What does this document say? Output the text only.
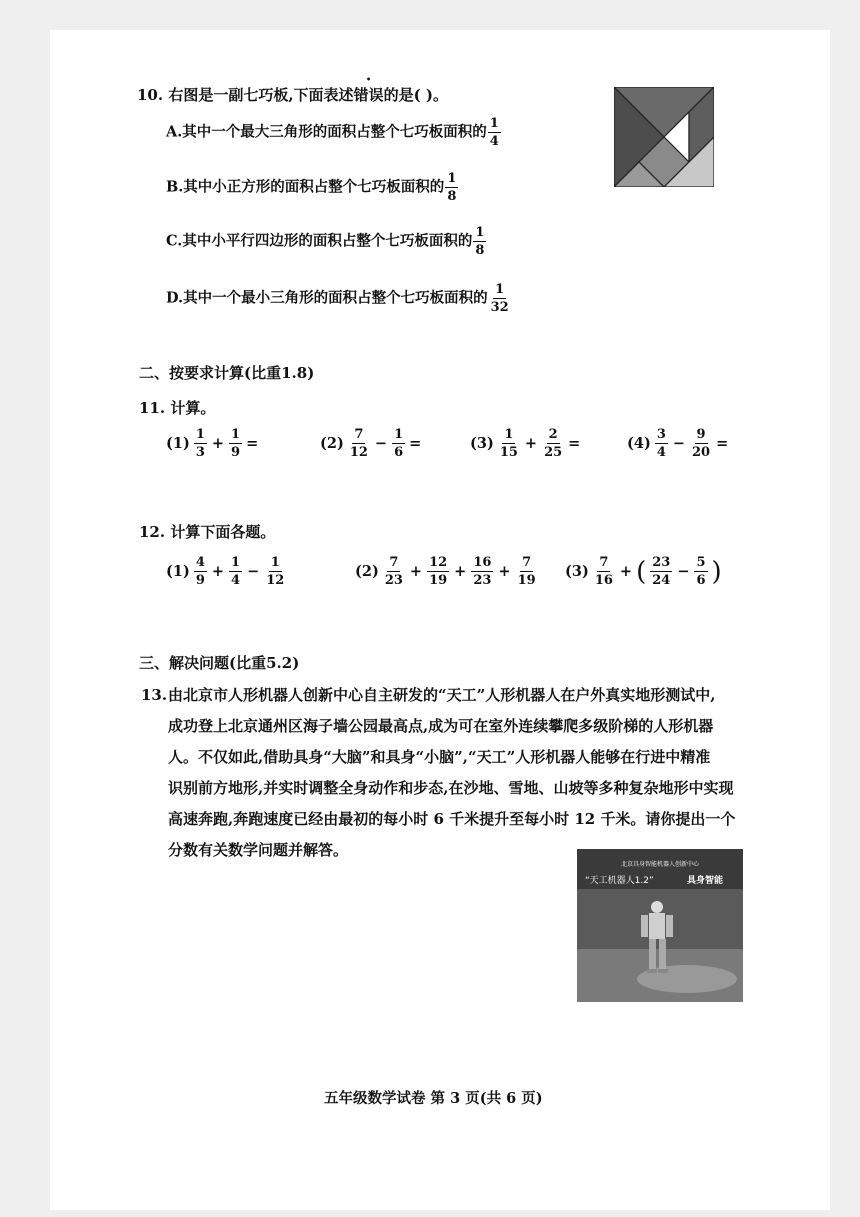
10. 右图是一副七巧板,下面表述错误的是( )。
A.其中一个最大三角形的面积占整个七巧板面积的 $\frac{1}{4}$
B.其中小正方形的面积占整个七巧板面积的 $\frac{1}{8}$
C.其中小平行四边形的面积占整个七巧板面积的 $\frac{1}{8}$
D.其中一个最小三角形的面积占整个七巧板面积的 $\frac{1}{32}$
二、按要求计算(比重1.8)
11. 计算。
$(1) \frac{1}{3} + \frac{1}{9}$ =	$(2) \frac{7}{12} - \frac{1}{6}$ =	$(3) \frac{1}{15} + \frac{2}{25}$ =	$(4) \frac{3}{4} - \frac{9}{20}$ =
12. 计算下面各题。
$(1) \frac{4}{9} + \frac{1}{4} - \frac{1}{12}$	$(2) \frac{7}{23} + \frac{12}{19} + \frac{16}{23} + \frac{7}{19} (3) \frac{7}{16}$ + ( $\frac{23}{24} - \frac{5}{6}$ )
三、解决问题(比重5.2)
13. 由北京市人形机器人创新中心自主研发的“天工”人形机器人在户外真实地形测试中,
成功登上北京通州区海子墙公园最高点,成为可在室外连续攀爬多级阶梯的人形机器
人。不仅如此,借助具身“大脑”和具身“小脑”,“天工”人形机器人能够在行进中精准
识别前方地形,并实时调整全身动作和步态,在沙地、雪地、山坡等多种复杂地形中实现
高速奔跑,奔跑速度已经由最初的每小时 6 千米提升至每小时 12 千米。请你提出一个
分数有关数学问题并解答。
北京具身智能机器人创新中心
“天工机器人1.2”	具身智能
五年级数学试卷 第 3 页(共 6 页)
